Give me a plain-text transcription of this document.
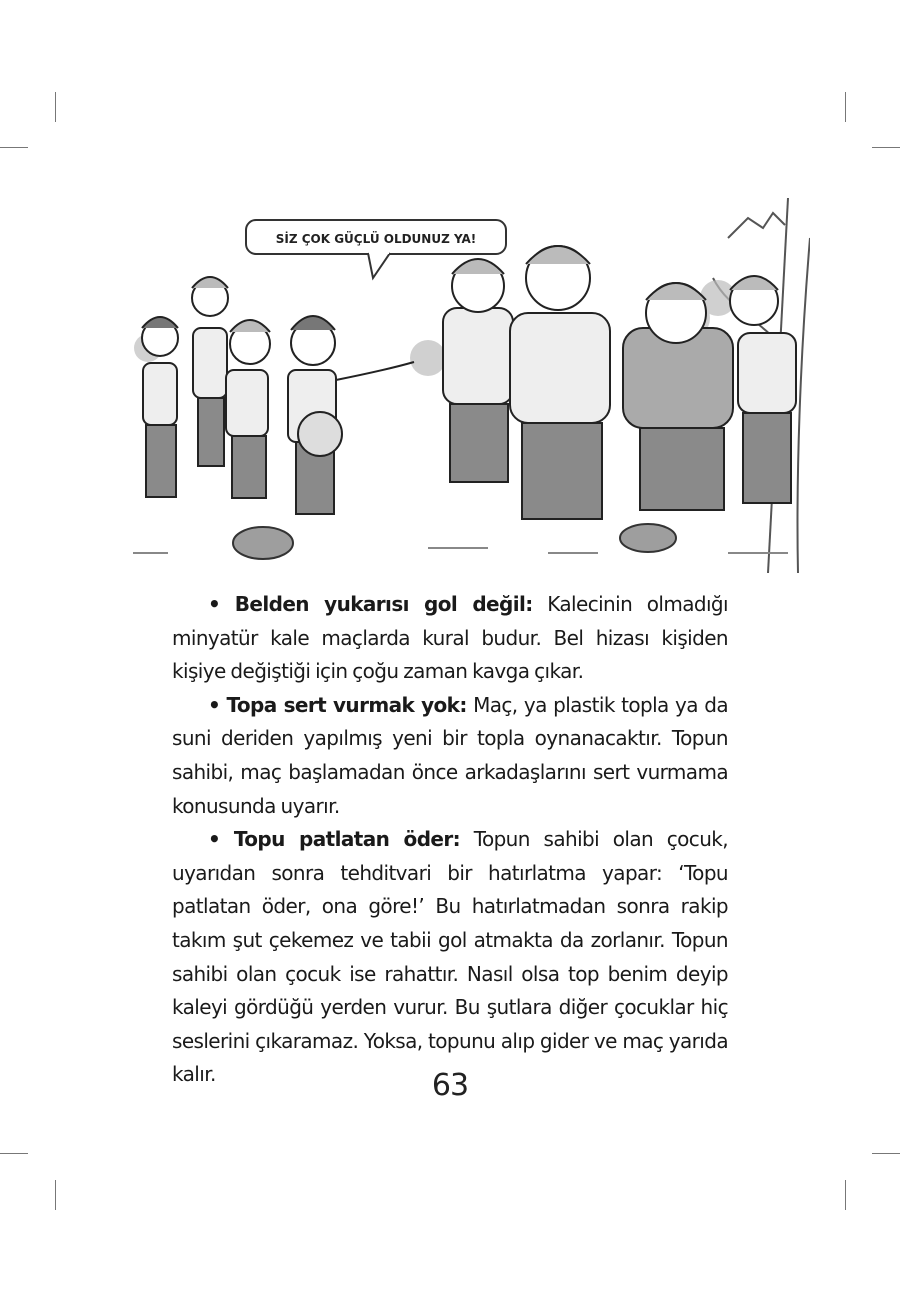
SİZ ÇOK GÜÇLÜ OLDUNUZ YA!

• Belden yukarısı gol değil: Kalecinin olmadığı minyatür kale maçlarda kural budur. Bel hizası kişiden kişiye değiştiği için çoğu zaman kavga çıkar.

• Topa sert vurmak yok: Maç, ya plastik topla ya da suni deriden yapılmış yeni bir topla oynanacaktır. Topun sahibi, maç başlamadan önce arkadaşlarını sert vurmama konusunda uyarır.

• Topu patlatan öder: Topun sahibi olan çocuk, uyarıdan sonra tehditvari bir hatırlatma yapar: ‘Topu patlatan öder, ona göre!’ Bu hatırlatmadan sonra rakip takım şut çekemez ve tabii gol atmakta da zorlanır. Topun sahibi olan çocuk ise rahattır. Nasıl olsa top benim deyip kaleyi gördüğü yerden vurur. Bu şutlara diğer çocuklar hiç seslerini çıkaramaz. Yoksa, topunu alıp gider ve maç yarıda kalır.	63
